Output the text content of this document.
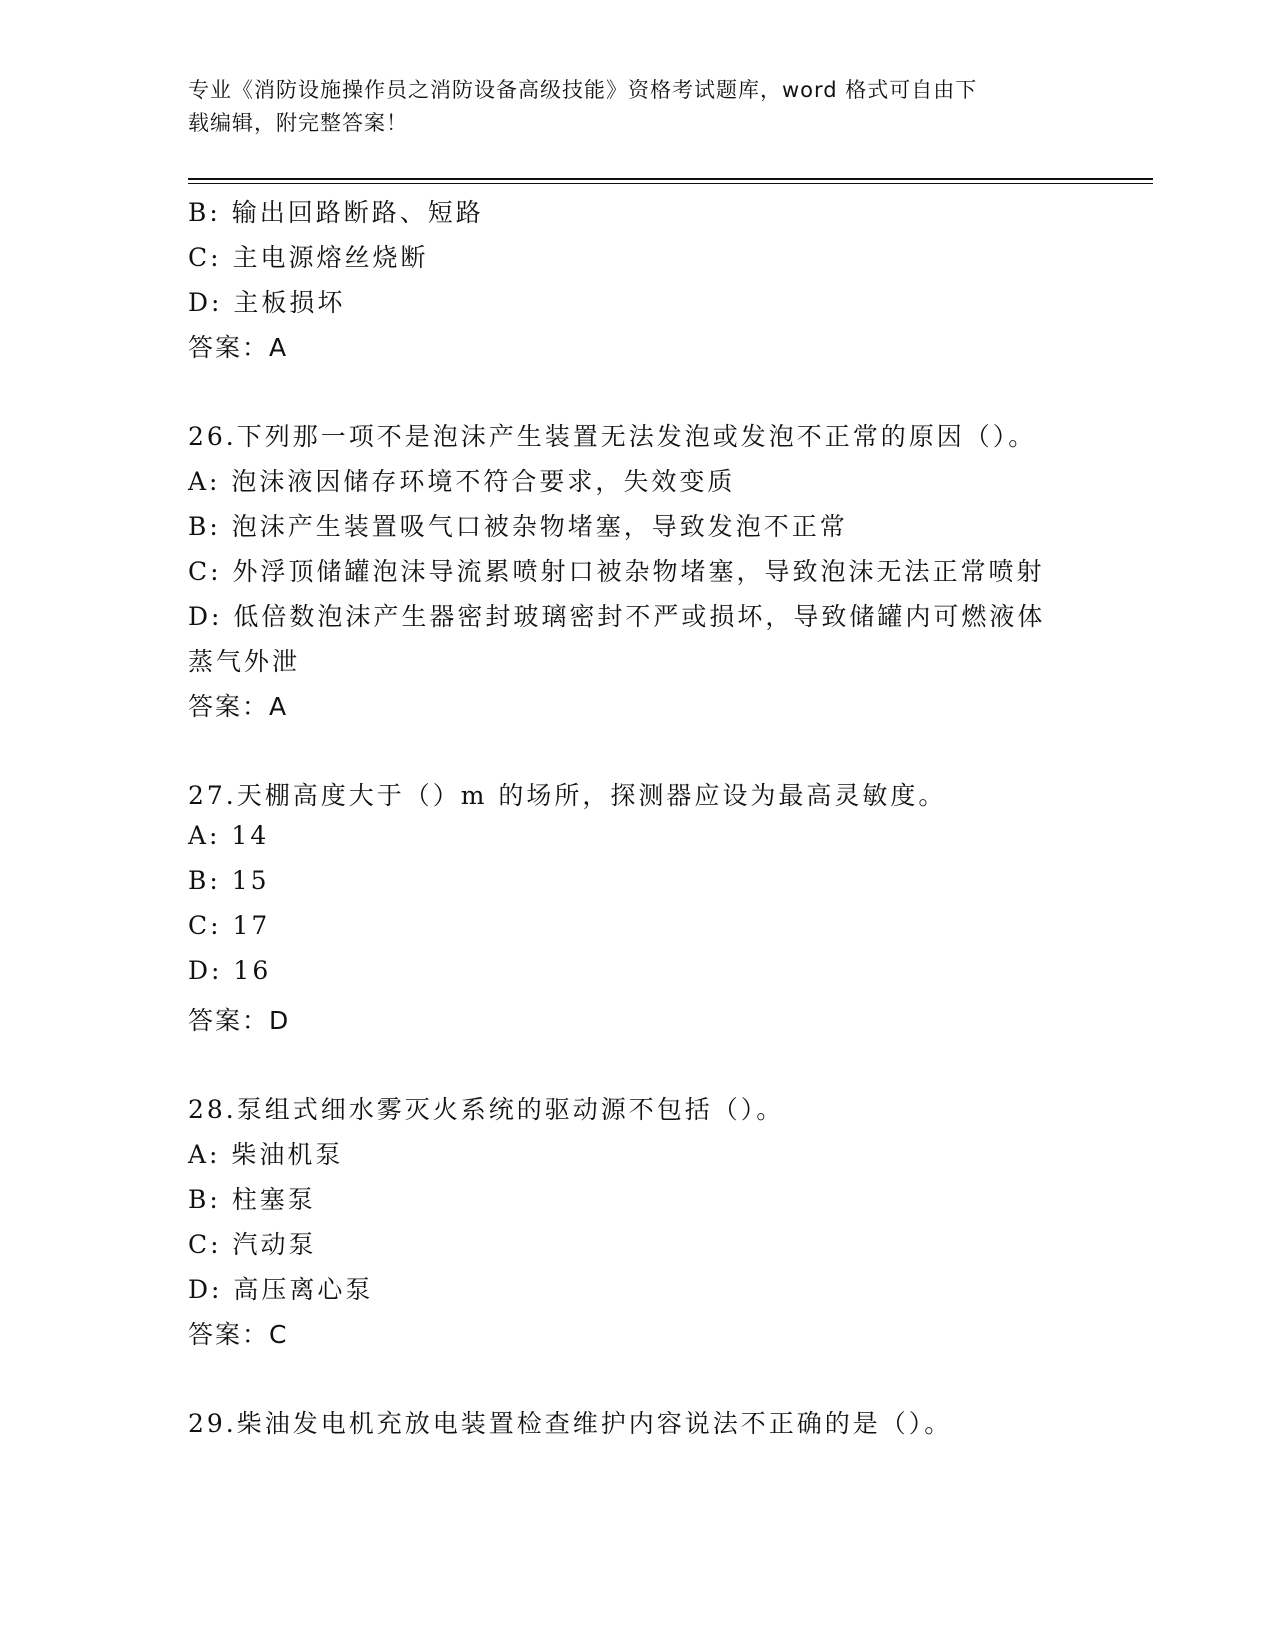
专业《消防设施操作员之消防设备高级技能》资格考试题库，word 格式可自由下
载编辑，附完整答案！
B: 输出回路断路、短路
C: 主电源熔丝烧断
D: 主板损坏
答案：A
26.下列那一项不是泡沫产生装置无法发泡或发泡不正常的原因（）。
A: 泡沫液因储存环境不符合要求，失效变质
B: 泡沫产生装置吸气口被杂物堵塞，导致发泡不正常
C: 外浮顶储罐泡沫导流累喷射口被杂物堵塞，导致泡沫无法正常喷射
D: 低倍数泡沫产生器密封玻璃密封不严或损坏，导致储罐内可燃液体
蒸气外泄
答案：A
27.天棚高度大于（）m 的场所，探测器应设为最高灵敏度。
A: 14
B: 15
C: 17
D: 16
答案：D
28.泵组式细水雾灭火系统的驱动源不包括（）。
A: 柴油机泵
B: 柱塞泵
C: 汽动泵
D: 高压离心泵
答案：C
29.柴油发电机充放电装置检查维护内容说法不正确的是（）。
